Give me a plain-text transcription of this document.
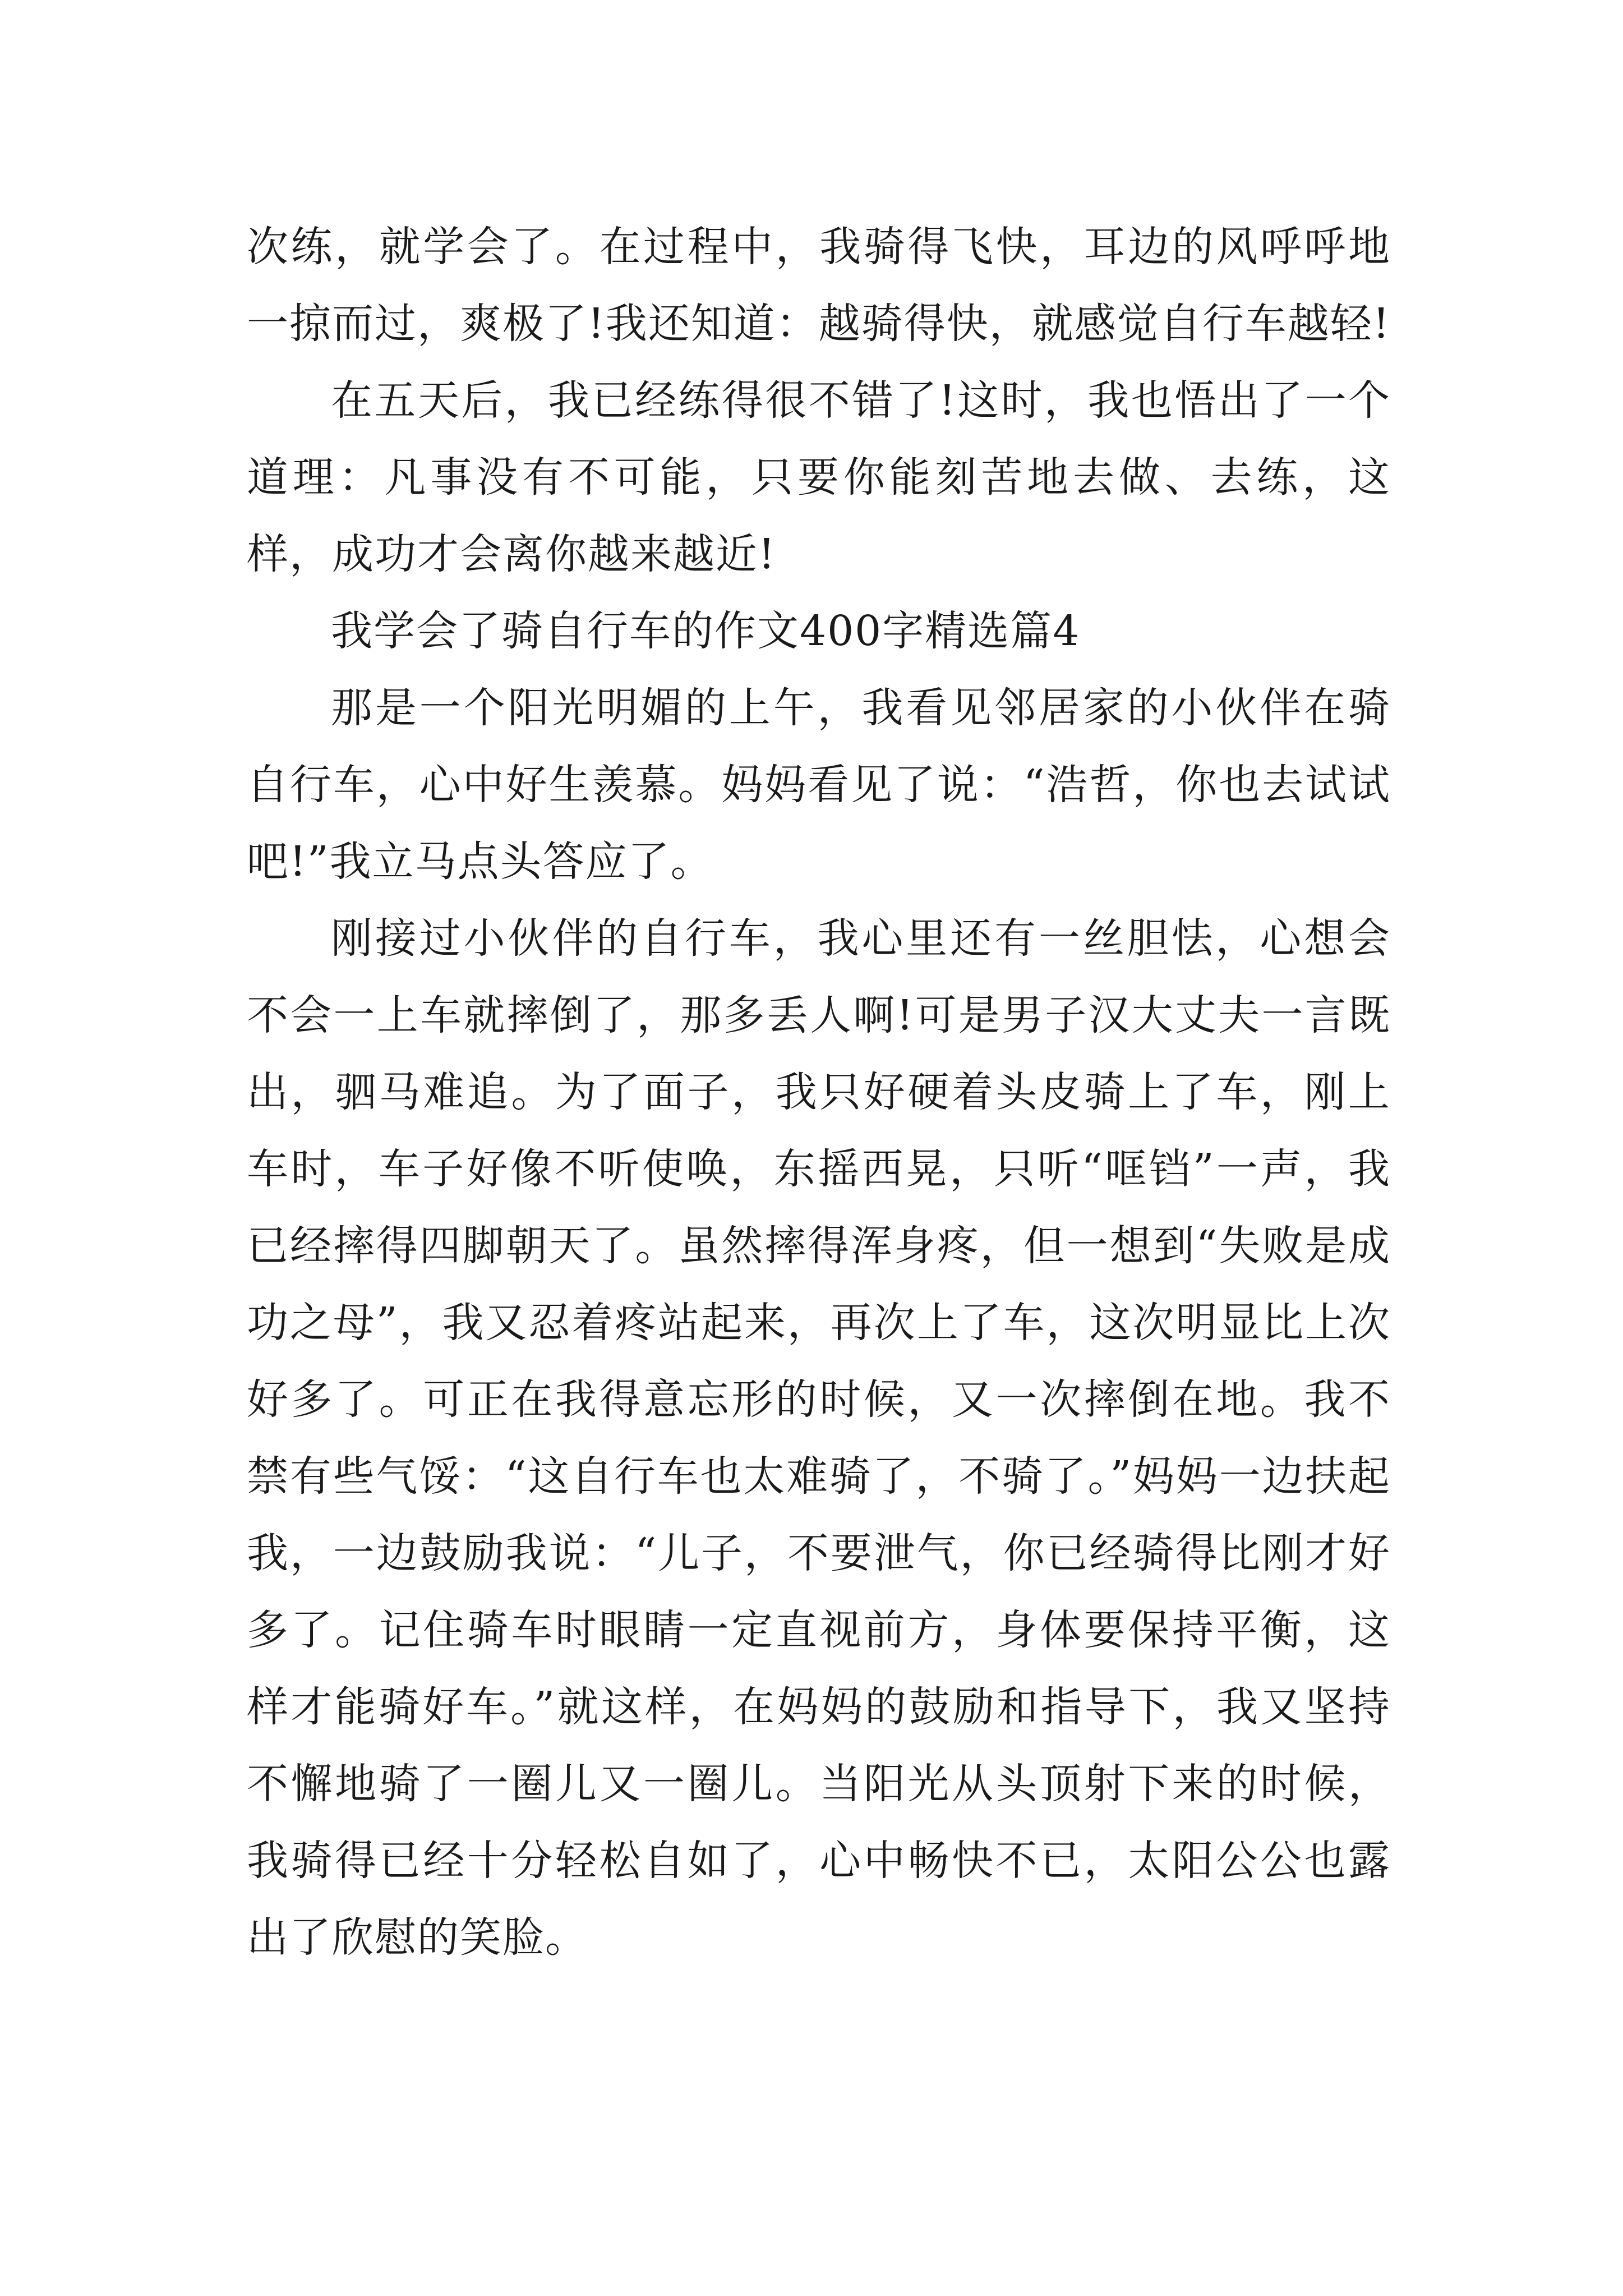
次练，就学会了。在过程中，我骑得飞快，耳边的风呼呼地一掠而过，爽极了!我还知道：越骑得快，就感觉自行车越轻!

在五天后，我已经练得很不错了!这时，我也悟出了一个道理：凡事没有不可能，只要你能刻苦地去做、去练，这样，成功才会离你越来越近!

我学会了骑自行车的作文400字精选篇4

那是一个阳光明媚的上午，我看见邻居家的小伙伴在骑自行车，心中好生羡慕。妈妈看见了说：“浩哲，你也去试试吧!”我立马点头答应了。

刚接过小伙伴的自行车，我心里还有一丝胆怯，心想会不会一上车就摔倒了，那多丢人啊!可是男子汉大丈夫一言既出，驷马难追。为了面子，我只好硬着头皮骑上了车，刚上车时，车子好像不听使唤，东摇西晃，只听“哐铛”一声，我已经摔得四脚朝天了。虽然摔得浑身疼，但一想到“失败是成功之母”，我又忍着疼站起来，再次上了车，这次明显比上次好多了。可正在我得意忘形的时候，又一次摔倒在地。我不禁有些气馁：“这自行车也太难骑了，不骑了。”妈妈一边扶起我，一边鼓励我说：“儿子，不要泄气，你已经骑得比刚才好多了。记住骑车时眼睛一定直视前方，身体要保持平衡，这样才能骑好车。”就这样，在妈妈的鼓励和指导下，我又坚持不懈地骑了一圈儿又一圈儿。当阳光从头顶射下来的时候，我骑得已经十分轻松自如了，心中畅快不已，太阳公公也露出了欣慰的笑脸。
